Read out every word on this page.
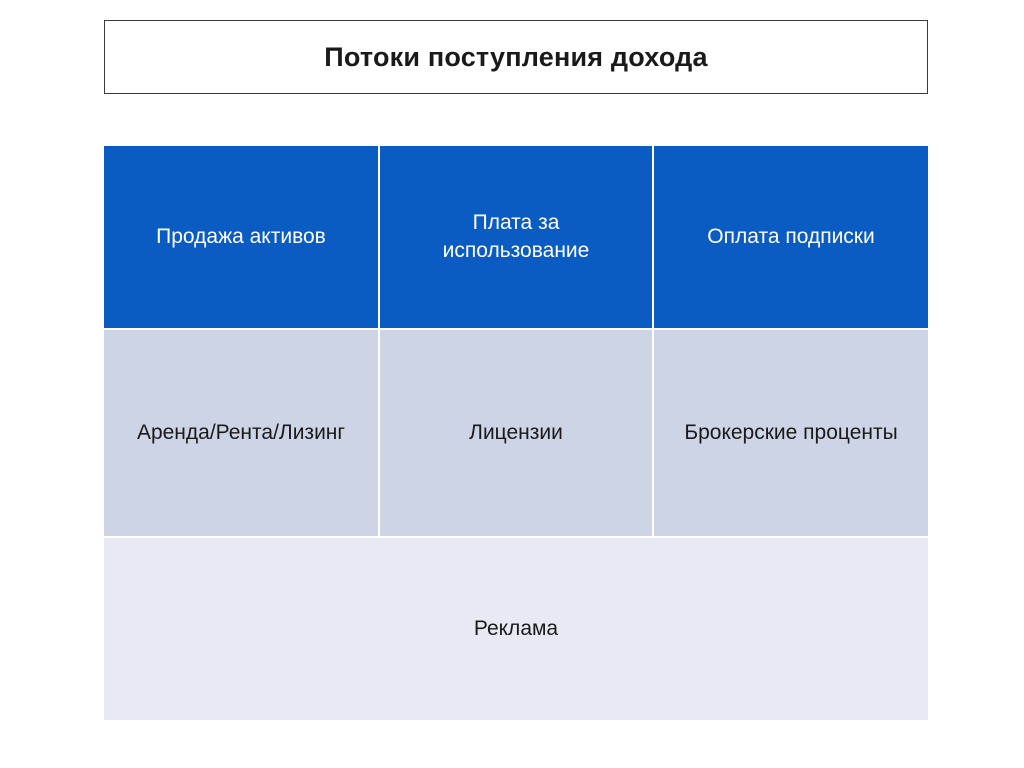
Потоки поступления дохода
Продажа активов
Плата за использование
Оплата подписки
Аренда/Рента/Лизинг	Лицензии	Брокерские проценты
Реклама
